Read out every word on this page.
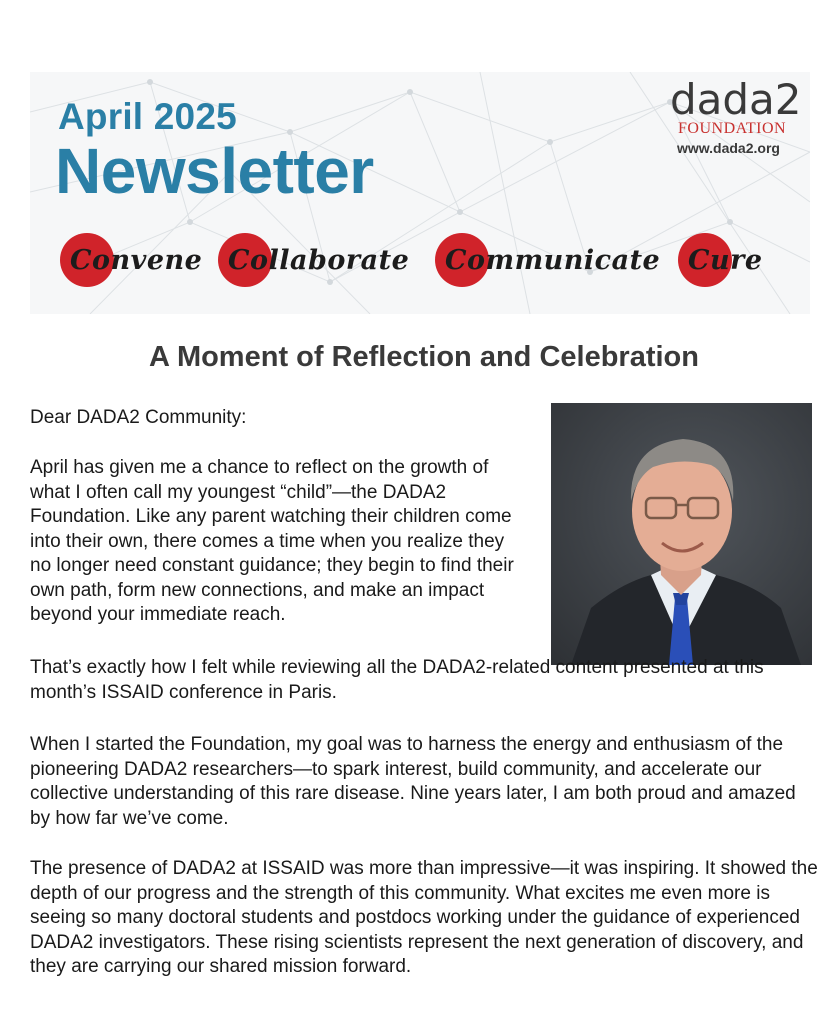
April 2025
Newsletter
dada2
FOUNDATION
www.dada2.org
Convene Collaborate	Communicate	Cure
A Moment of Reflection and Celebration
Dear DADA2 Community:
April has given me a chance to reflect on the growth of what I often call my youngest “child”—the DADA2 Foundation. Like any parent watching their children come into their own, there comes a time when you realize they no longer need constant guidance; they begin to find their own path, form new connections, and make an impact beyond your immediate reach.
That’s exactly how I felt while reviewing all the DADA2-related content presented at this month’s ISSAID conference in Paris.
When I started the Foundation, my goal was to harness the energy and enthusiasm of the pioneering DADA2 researchers—to spark interest, build community, and accelerate our collective understanding of this rare disease. Nine years later, I am both proud and amazed by how far we’ve come.
The presence of DADA2 at ISSAID was more than impressive—it was inspiring. It showed the depth of our progress and the strength of this community. What excites me even more is seeing so many doctoral students and postdocs working under the guidance of experienced DADA2 investigators. These rising scientists represent the next generation of discovery, and they are carrying our shared mission forward.
